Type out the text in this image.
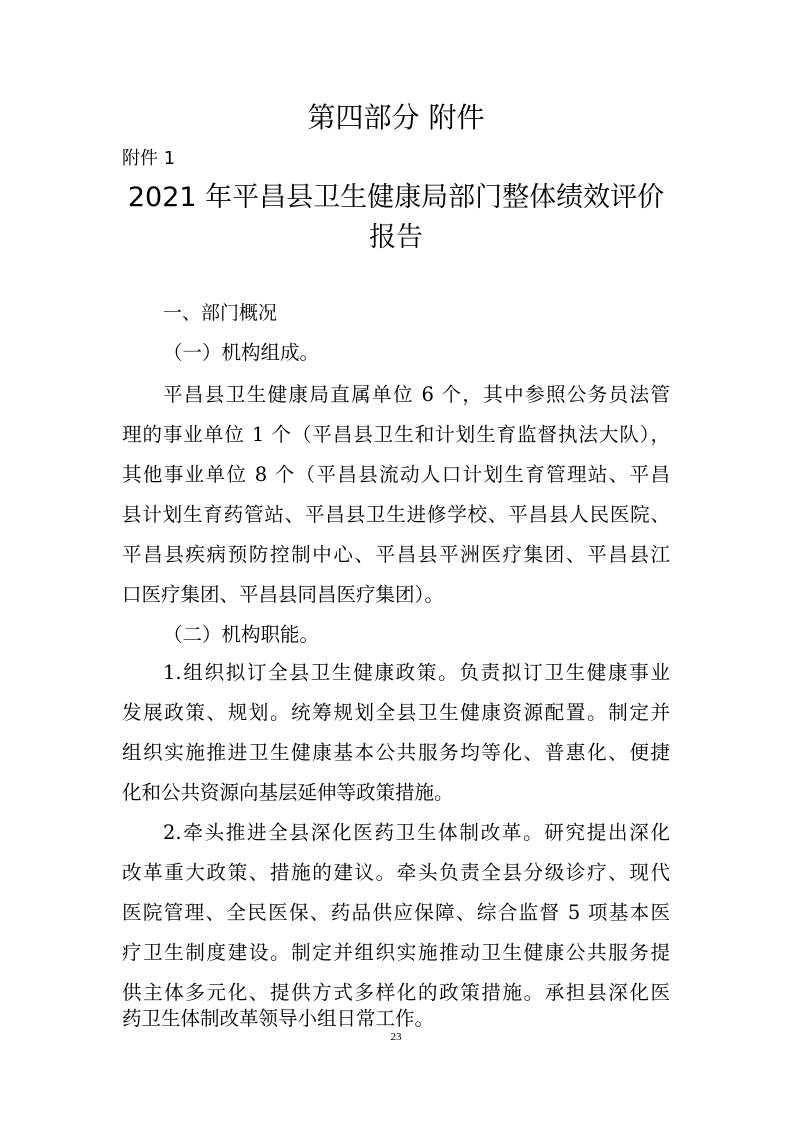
第四部分 附件
附件 1
2021 年平昌县卫生健康局部门整体绩效评价
报告
一、部门概况
（一）机构组成。
平昌县卫生健康局直属单位 6 个，其中参照公务员法管
理的事业单位 1 个（平昌县卫生和计划生育监督执法大队），
其他事业单位 8 个（平昌县流动人口计划生育管理站、平昌
县计划生育药管站、平昌县卫生进修学校、平昌县人民医院、
平昌县疾病预防控制中心、平昌县平洲医疗集团、平昌县江
口医疗集团、平昌县同昌医疗集团）。
（二）机构职能。
1.组织拟订全县卫生健康政策。负责拟订卫生健康事业
发展政策、规划。统筹规划全县卫生健康资源配置。制定并
组织实施推进卫生健康基本公共服务均等化、普惠化、便捷
化和公共资源向基层延伸等政策措施。
2.牵头推进全县深化医药卫生体制改革。研究提出深化
改革重大政策、措施的建议。牵头负责全县分级诊疗、现代
医院管理、全民医保、药品供应保障、综合监督 5 项基本医
疗卫生制度建设。制定并组织实施推动卫生健康公共服务提
供主体多元化、提供方式多样化的政策措施。承担县深化医
23
药卫生体制改革领导小组日常工作。
